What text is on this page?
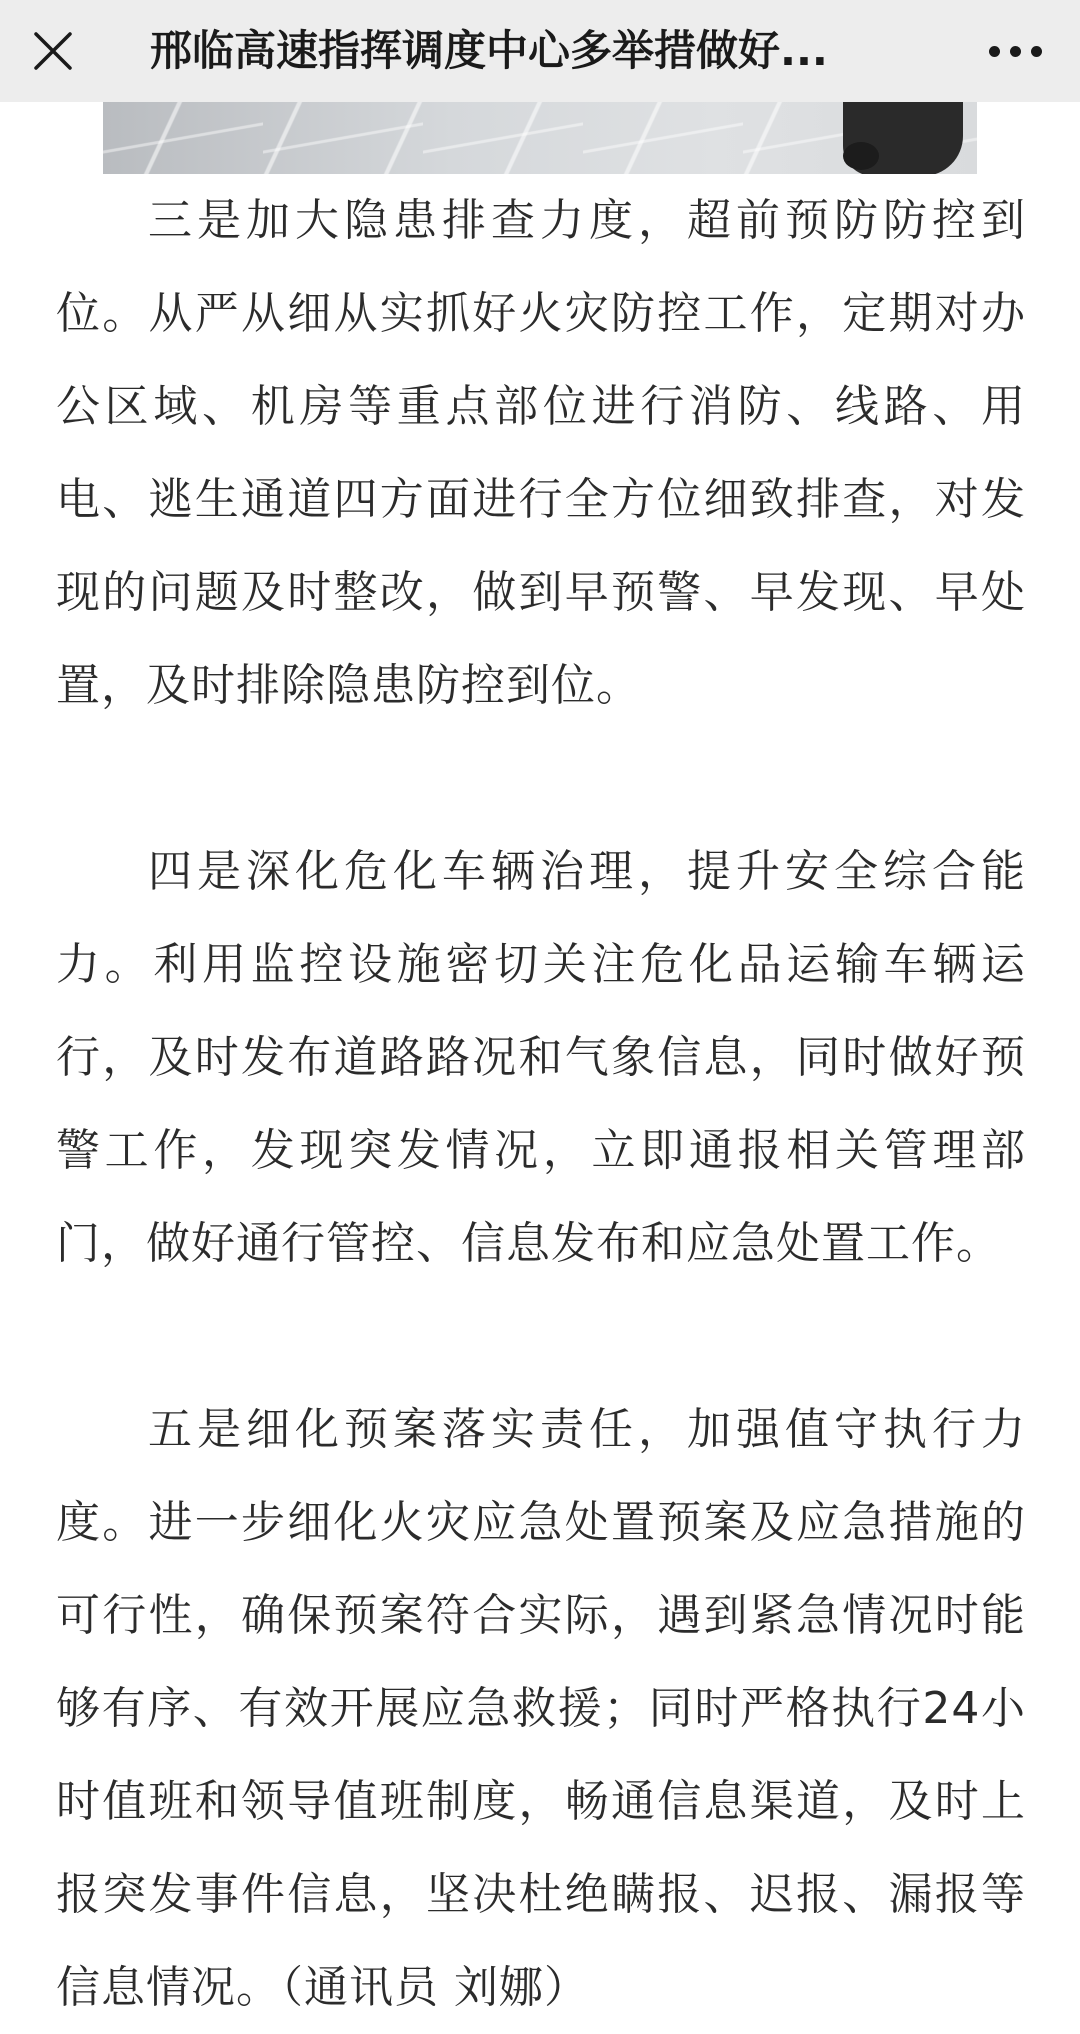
邢临高速指挥调度中心多举措做好...

三是加大隐患排查力度，超前预防防控到位。从严从细从实抓好火灾防控工作，定期对办公区域、机房等重点部位进行消防、线路、用电、逃生通道四方面进行全方位细致排查，对发现的问题及时整改，做到早预警、早发现、早处置，及时排除隐患防控到位。

四是深化危化车辆治理，提升安全综合能力。利用监控设施密切关注危化品运输车辆运行，及时发布道路路况和气象信息，同时做好预警工作，发现突发情况，立即通报相关管理部门，做好通行管控、信息发布和应急处置工作。

五是细化预案落实责任，加强值守执行力度。进一步细化火灾应急处置预案及应急措施的可行性，确保预案符合实际，遇到紧急情况时能够有序、有效开展应急救援；同时严格执行24小时值班和领导值班制度，畅通信息渠道，及时上报突发事件信息，坚决杜绝瞒报、迟报、漏报等信息情况。（通讯员 刘娜）
